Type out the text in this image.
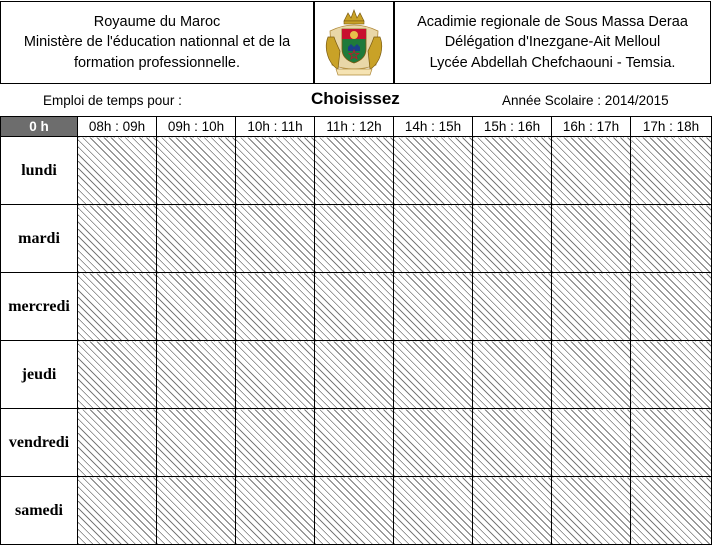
Royaume du Maroc
Ministère de l'éducation nationnal et de la
formation professionnelle.
Acadimie regionale de Sous Massa Deraa
Délégation d'Inezgane-Ait Melloul
Lycée Abdellah Chefchaouni - Temsia.
Emploi de temps pour :	Choisissez	Année Scolaire : 2014/2015
0 h	08h : 09h	09h : 10h	10h : 11h	11h : 12h	14h : 15h	15h : 16h	16h : 17h	17h : 18h
lundi								
mardi								
mercredi								
jeudi								
vendredi								
samedi								
